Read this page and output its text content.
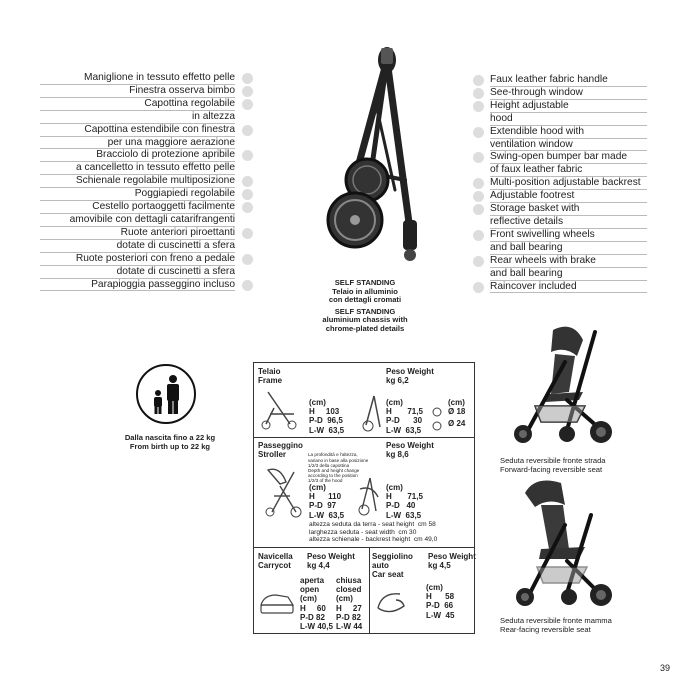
Maniglione in tessuto effetto pelle
Finestra osserva bimbo
Capottina regolabile
in altezza
Capottina estendibile con finestra
per una maggiore aerazione
Bracciolo di protezione apribile
a cancelletto in tessuto effetto pelle
Schienale regolabile multiposizione
Poggiapiedi regolabile
Cestello portaoggetti facilmente
amovibile con dettagli catarifrangenti
Ruote anteriori piroettanti
dotate di cuscinetti a sfera
Ruote posteriori con freno a pedale
dotate di cuscinetti a sfera
Parapioggia passeggino incluso
Faux leather fabric handle
See-through window
Height adjustable
hood
Extendible hood with
ventilation window
Swing-open bumper bar made
of faux leather fabric
Multi-position adjustable backrest
Adjustable footrest
Storage basket with
reflective details
Front swivelling wheels
and ball bearing
Rear wheels with brake
and ball bearing
Raincover included
SELF STANDING
Telaio in alluminio
con dettagli cromati
SELF STANDING
aluminium chassis with
chrome-plated details
Dalla nascita fino a 22 kg
From birth up to 22 kg
Telaio
Frame
Peso Weight
kg 6,2
(cm)
H     103
P-D  96,5
L-W  63,5
(cm)
H       71,5
P-D      30
L-W  63,5
(cm)
Ø 18
Ø 24
Passeggino
Stroller

	La profondità e l'altezza,
variano in base alla posizione
1/2/3 della capottina
Depth and height change
according to the position
1/2/3 of the hood

Peso Weight
kg 8,6
(cm)
H      110
P-D  97
L-W  63,5
(cm)
H       71,5
P-D   40
L-W  63,5
altezza seduta da terra - seat height  cm 58
larghezza seduta - seat width  cm 30
altezza schienale - backrest height  cm 49,0
Navicella
Carrycot
Peso Weight
kg 4,4
aperta
open
(cm)
H     60
P-D 82
L-W 40,5
chiusa
closed
(cm)
H     27
P-D 82
L-W 44
Seggiolino
auto
Car seat
Peso Weight
kg 4,5
(cm)
H      58
P-D  66
L-W  45
Seduta reversibile fronte strada
Forward-facing reversible seat
Seduta reversibile fronte mamma
Rear-facing reversible seat
39
